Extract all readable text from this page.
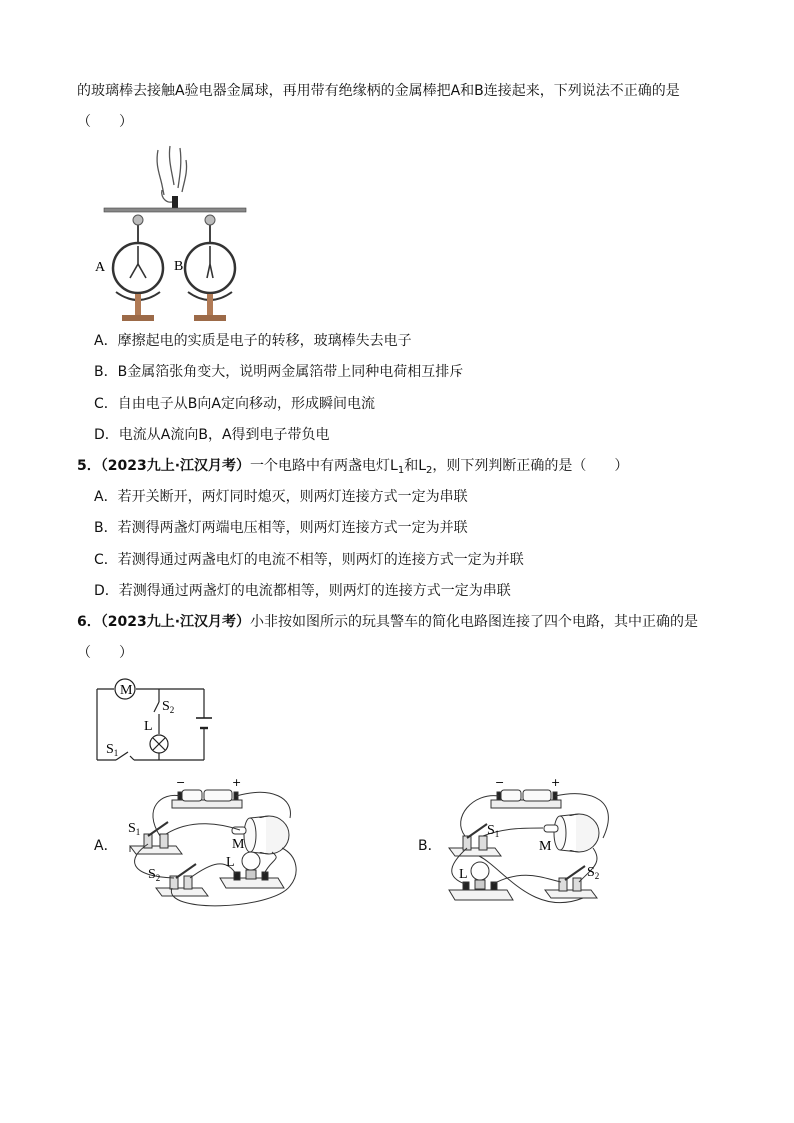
的玻璃棒去接触A验电器金属球，再用带有绝缘柄的金属棒把A和B连接起来，下列说法不正确的是
（　　）
A	B
A．摩擦起电的实质是电子的转移，玻璃棒失去电子
B．B金属箔张角变大，说明两金属箔带上同种电荷相互排斥
C．自由电子从B向A定向移动，形成瞬间电流
D．电流从A流向B，A得到电子带负电
5．（2023九上·江汉月考）一个电路中有两盏电灯$L_1$和$L_2$，则下列判断正确的是（　　）
A．若开关断开，两灯同时熄灭，则两灯连接方式一定为串联
B．若测得两盏灯两端电压相等，则两灯连接方式一定为并联
C．若测得通过两盏电灯的电流不相等，则两灯的连接方式一定为并联
D．若测得通过两盏灯的电流都相等，则两灯的连接方式一定为串联
6．（2023九上·江汉月考）小非按如图所示的玩具警车的简化电路图连接了四个电路，其中正确的是
（　　）
M
$S_2$
L
$S_1$
A．
−	+
$S_1$
$S_2$
M
L
B．
−	+
$S_1$
$S_2$
M
L
